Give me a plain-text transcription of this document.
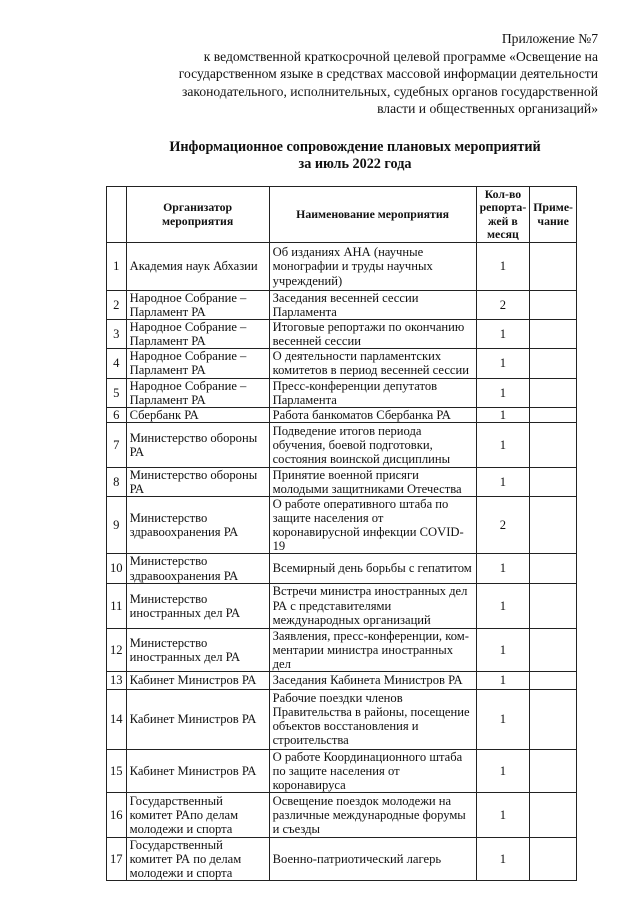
Приложение №7
к ведомственной краткосрочной целевой программе «Освещение на
государственном языке в средствах массовой информации деятельности
законодательного, исполнительных, судебных органов государственной
власти и общественных организаций»
Информационное сопровождение плановых мероприятий
за июль 2022 года
	Организатор мероприятия	Наименование мероприятия	Кол-во репорта-жей в месяц	Приме-чание
1	Академия наук Абхазии	Об изданиях АНА (научные монографии и труды научных учреждений)	1	
2	Народное Собрание – Парламент РА	Заседания весенней сессии Парламента	2	
3	Народное Собрание – Парламент РА	Итоговые репортажи по окончанию весенней сессии	1	
4	Народное Собрание – Парламент РА	О деятельности парламентских комитетов в период весенней сессии	1	
5	Народное Собрание – Парламент РА	Пресс-конференции депутатов Парламента	1	
6	Сбербанк РА	Работа банкоматов Сбербанка РА	1	
7	Министерство обороны РА	Подведение итогов периода обучения, боевой подготовки, состояния воинской дисциплины	1	
8	Министерство обороны РА	Принятие военной присяги молодыми защитниками Отечества	1	
9	Министерство здравоохранения РА	О работе оперативного штаба по защите населения от коронавирусной инфекции COVID-19	2	
10	Министерство здравоохранения РА	Всемирный день борьбы с гепатитом	1	
11	Министерство иностранных дел РА	Встречи министра иностранных дел РА с представителями международных организаций	1	
12	Министерство иностранных дел РА	Заявления, пресс-конференции, ком-ментарии министра иностранных дел	1	
13	Кабинет Министров РА	Заседания Кабинета Министров РА	1	
14	Кабинет Министров РА	Рабочие поездки членов Правительства в районы, посещение объектов восстановления и строительства	1	
15	Кабинет Министров РА	О работе Координационного штаба по защите населения от коронавируса	1	
16	Государственный комитет РАпо делам молодежи и спорта	Освещение поездок молодежи на различные международные форумы и съезды	1	
17	Государственный комитет РА по делам молодежи и спорта	Военно-патриотический лагерь	1	
